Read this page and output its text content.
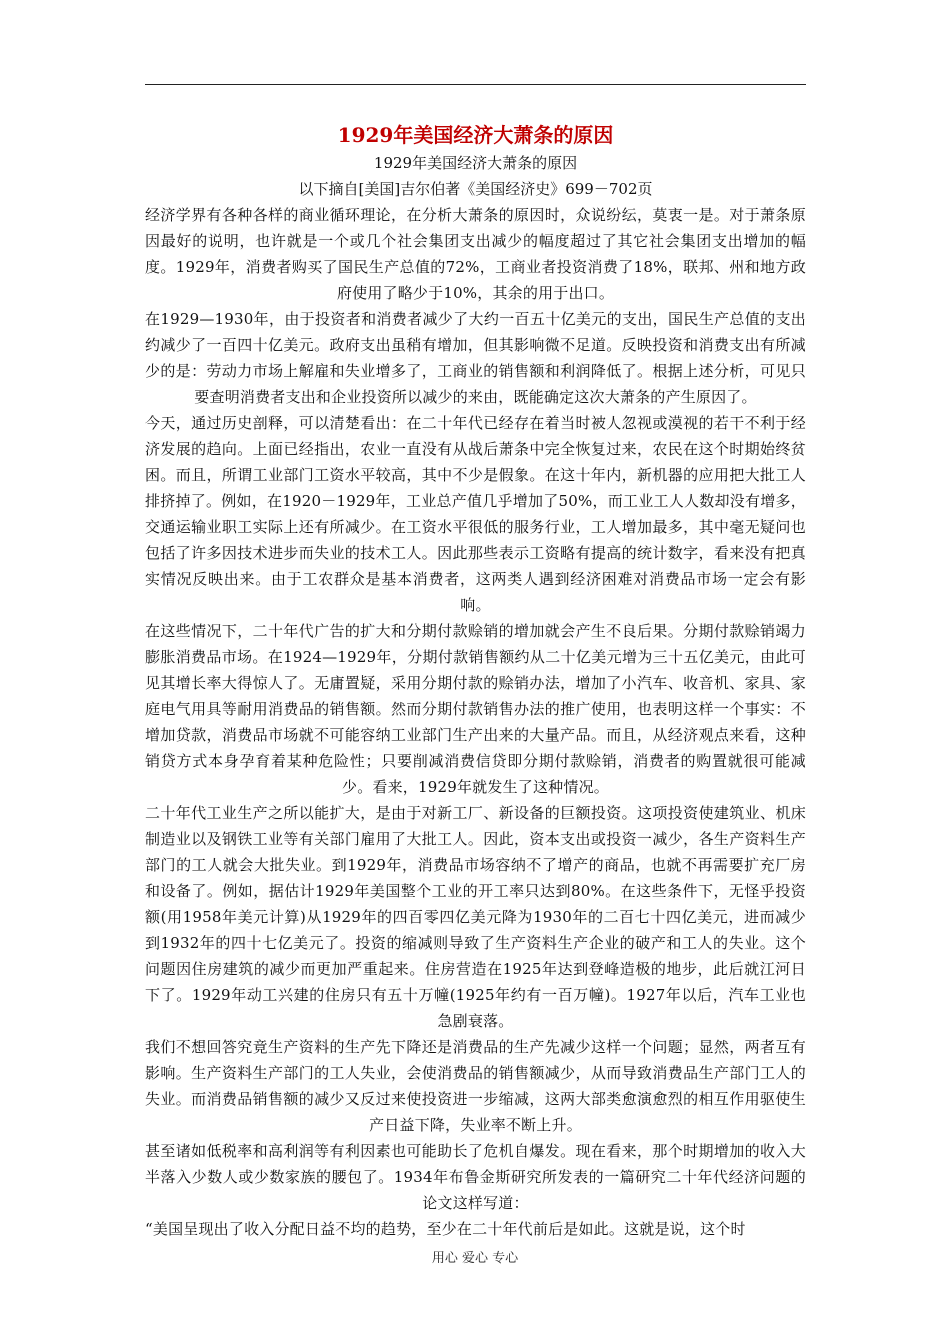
1929年美国经济大萧条的原因

1929年美国经济大萧条的原因

以下摘自[美国]吉尔伯著《美国经济史》699－702页

经济学界有各种各样的商业循环理论，在分析大萧条的原因时，众说纷纭，莫衷一是。对于萧条原因最好的说明，也许就是一个或几个社会集团支出减少的幅度超过了其它社会集团支出增加的幅度。1929年，消费者购买了国民生产总值的72%，工商业者投资消费了18%，联邦、州和地方政府使用了略少于10%，其余的用于出口。

在1929—1930年，由于投资者和消费者减少了大约一百五十亿美元的支出，国民生产总值的支出约减少了一百四十亿美元。政府支出虽稍有增加，但其影响微不足道。反映投资和消费支出有所减少的是：劳动力市场上解雇和失业增多了，工商业的销售额和利润降低了。根据上述分析，可见只要查明消费者支出和企业投资所以减少的来由，既能确定这次大萧条的产生原因了。

今天，通过历史剖释，可以清楚看出：在二十年代已经存在着当时被人忽视或漠视的若干不利于经济发展的趋向。上面已经指出，农业一直没有从战后萧条中完全恢复过来，农民在这个时期始终贫困。而且，所谓工业部门工资水平较高，其中不少是假象。在这十年内，新机器的应用把大批工人排挤掉了。例如，在1920－1929年，工业总产值几乎增加了50%，而工业工人人数却没有增多，交通运输业职工实际上还有所减少。在工资水平很低的服务行业，工人增加最多，其中毫无疑问也包括了许多因技术进步而失业的技术工人。因此那些表示工资略有提高的统计数字，看来没有把真实情况反映出来。由于工农群众是基本消费者，这两类人遇到经济困难对消费品市场一定会有影响。

在这些情况下，二十年代广告的扩大和分期付款赊销的增加就会产生不良后果。分期付款赊销竭力膨胀消费品市场。在1924—1929年，分期付款销售额约从二十亿美元增为三十五亿美元，由此可见其增长率大得惊人了。无庸置疑，采用分期付款的赊销办法，增加了小汽车、收音机、家具、家庭电气用具等耐用消费品的销售额。然而分期付款销售办法的推广使用，也表明这样一个事实：不增加贷款，消费品市场就不可能容纳工业部门生产出来的大量产品。而且，从经济观点来看，这种销贷方式本身孕育着某种危险性；只要削减消费信贷即分期付款赊销，消费者的购置就很可能减少。看来，1929年就发生了这种情况。

二十年代工业生产之所以能扩大，是由于对新工厂、新设备的巨额投资。这项投资使建筑业、机床制造业以及钢铁工业等有关部门雇用了大批工人。因此，资本支出或投资一减少，各生产资料生产部门的工人就会大批失业。到1929年，消费品市场容纳不了增产的商品，也就不再需要扩充厂房和设备了。例如，据估计1929年美国整个工业的开工率只达到80%。在这些条件下，无怪乎投资额(用1958年美元计算)从1929年的四百零四亿美元降为1930年的二百七十四亿美元，进而减少到1932年的四十七亿美元了。投资的缩减则导致了生产资料生产企业的破产和工人的失业。这个问题因住房建筑的减少而更加严重起来。住房营造在1925年达到登峰造极的地步，此后就江河日下了。1929年动工兴建的住房只有五十万幢(1925年约有一百万幢)。1927年以后，汽车工业也急剧衰落。

我们不想回答究竟生产资料的生产先下降还是消费品的生产先减少这样一个问题；显然，两者互有影响。生产资料生产部门的工人失业，会使消费品的销售额减少，从而导致消费品生产部门工人的失业。而消费品销售额的减少又反过来使投资进一步缩减，这两大部类愈演愈烈的相互作用驱使生产日益下降，失业率不断上升。

甚至诸如低税率和高利润等有利因素也可能助长了危机自爆发。现在看来，那个时期增加的收入大半落入少数人或少数家族的腰包了。1934年布鲁金斯研究所发表的一篇研究二十年代经济问题的论文这样写道：

“美国呈现出了收入分配日益不均的趋势，至少在二十年代前后是如此。这就是说，这个时

用心 爱心 专心
